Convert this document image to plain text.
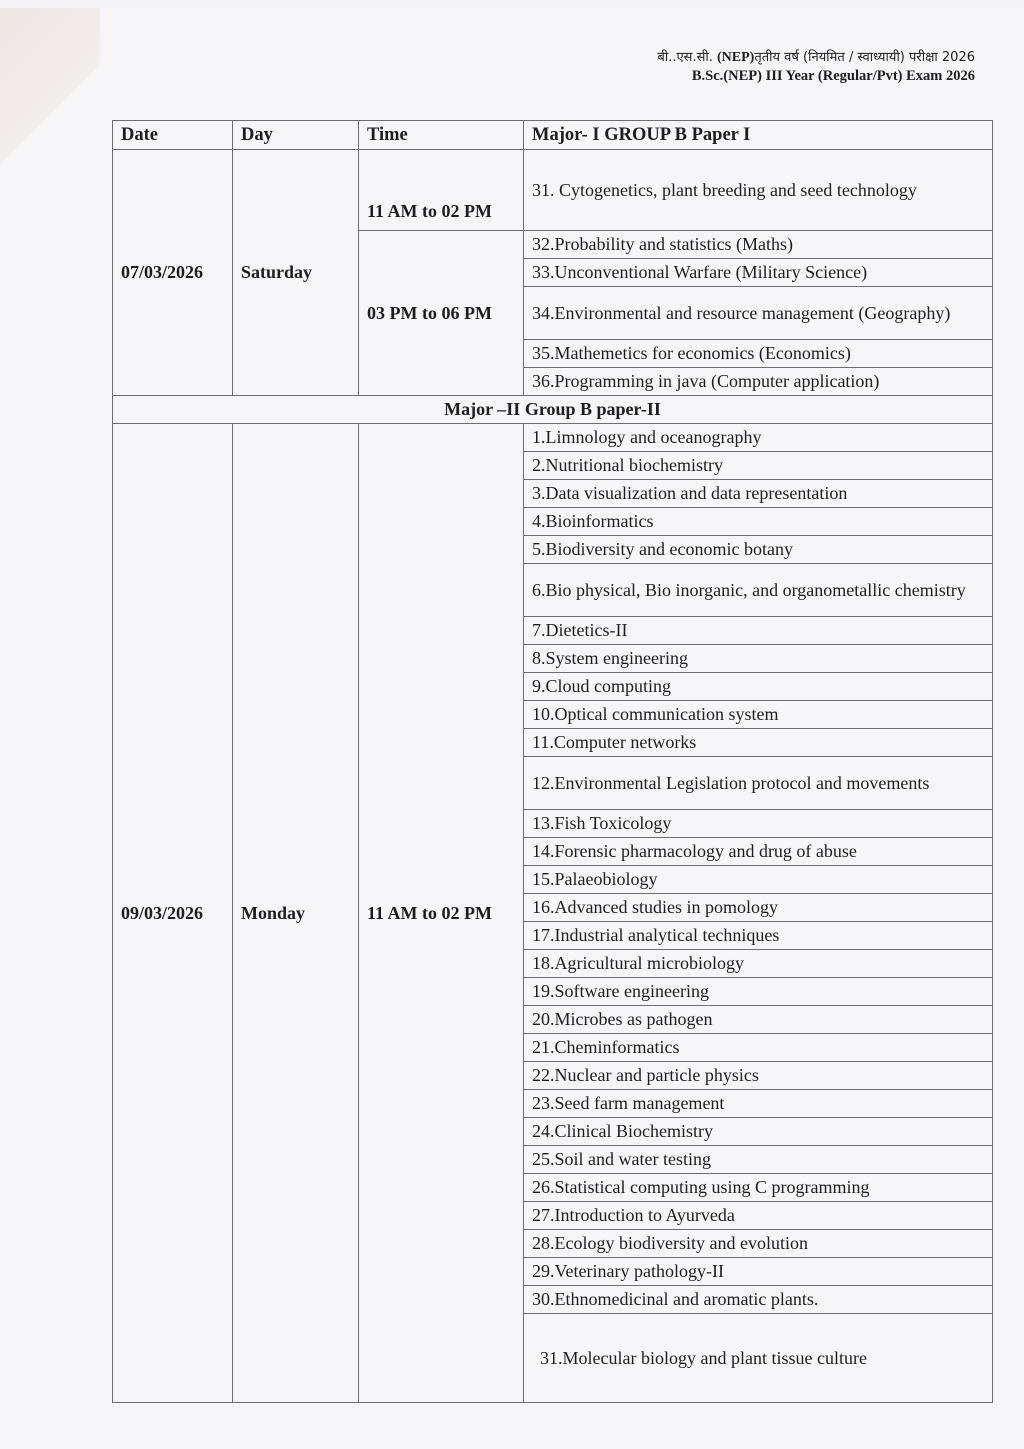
बी..एस.सी. (NEP)तृतीय वर्ष (नियमित / स्वाध्यायी) परीक्षा 2026
B.Sc.(NEP) III Year (Regular/Pvt) Exam 2026
Date	Day	Time	Major- I GROUP B Paper I
07/03/2026	Saturday	11 AM to 02 PM	31. Cytogenetics, plant breeding and seed technology
		03 PM to 06 PM	32.Probability and statistics (Maths)
			33.Unconventional Warfare (Military Science)
			34.Environmental and resource management (Geography)
			35.Mathemetics for economics (Economics)
			36.Programming in java (Computer application)
Major –II Group B paper-II			
09/03/2026	Monday	11 AM to 02 PM	1.Limnology and oceanography
			2.Nutritional biochemistry
			3.Data visualization and data representation
			4.Bioinformatics
			5.Biodiversity and economic botany
			6.Bio physical, Bio inorganic, and organometallic chemistry
			7.Dietetics-II
			8.System engineering
			9.Cloud computing
			10.Optical communication system
			11.Computer networks
			12.Environmental Legislation protocol and movements
			13.Fish Toxicology
			14.Forensic pharmacology and drug of abuse
			15.Palaeobiology
			16.Advanced studies in pomology
			17.Industrial analytical techniques
			18.Agricultural microbiology
			19.Software engineering
			20.Microbes as pathogen
			21.Cheminformatics
			22.Nuclear and particle physics
			23.Seed farm management
			24.Clinical Biochemistry
			25.Soil and water testing
			26.Statistical computing using C programming
			27.Introduction to Ayurveda
			28.Ecology biodiversity and evolution
			29.Veterinary pathology-II
			30.Ethnomedicinal and aromatic plants.
			31.Molecular biology and plant tissue culture
